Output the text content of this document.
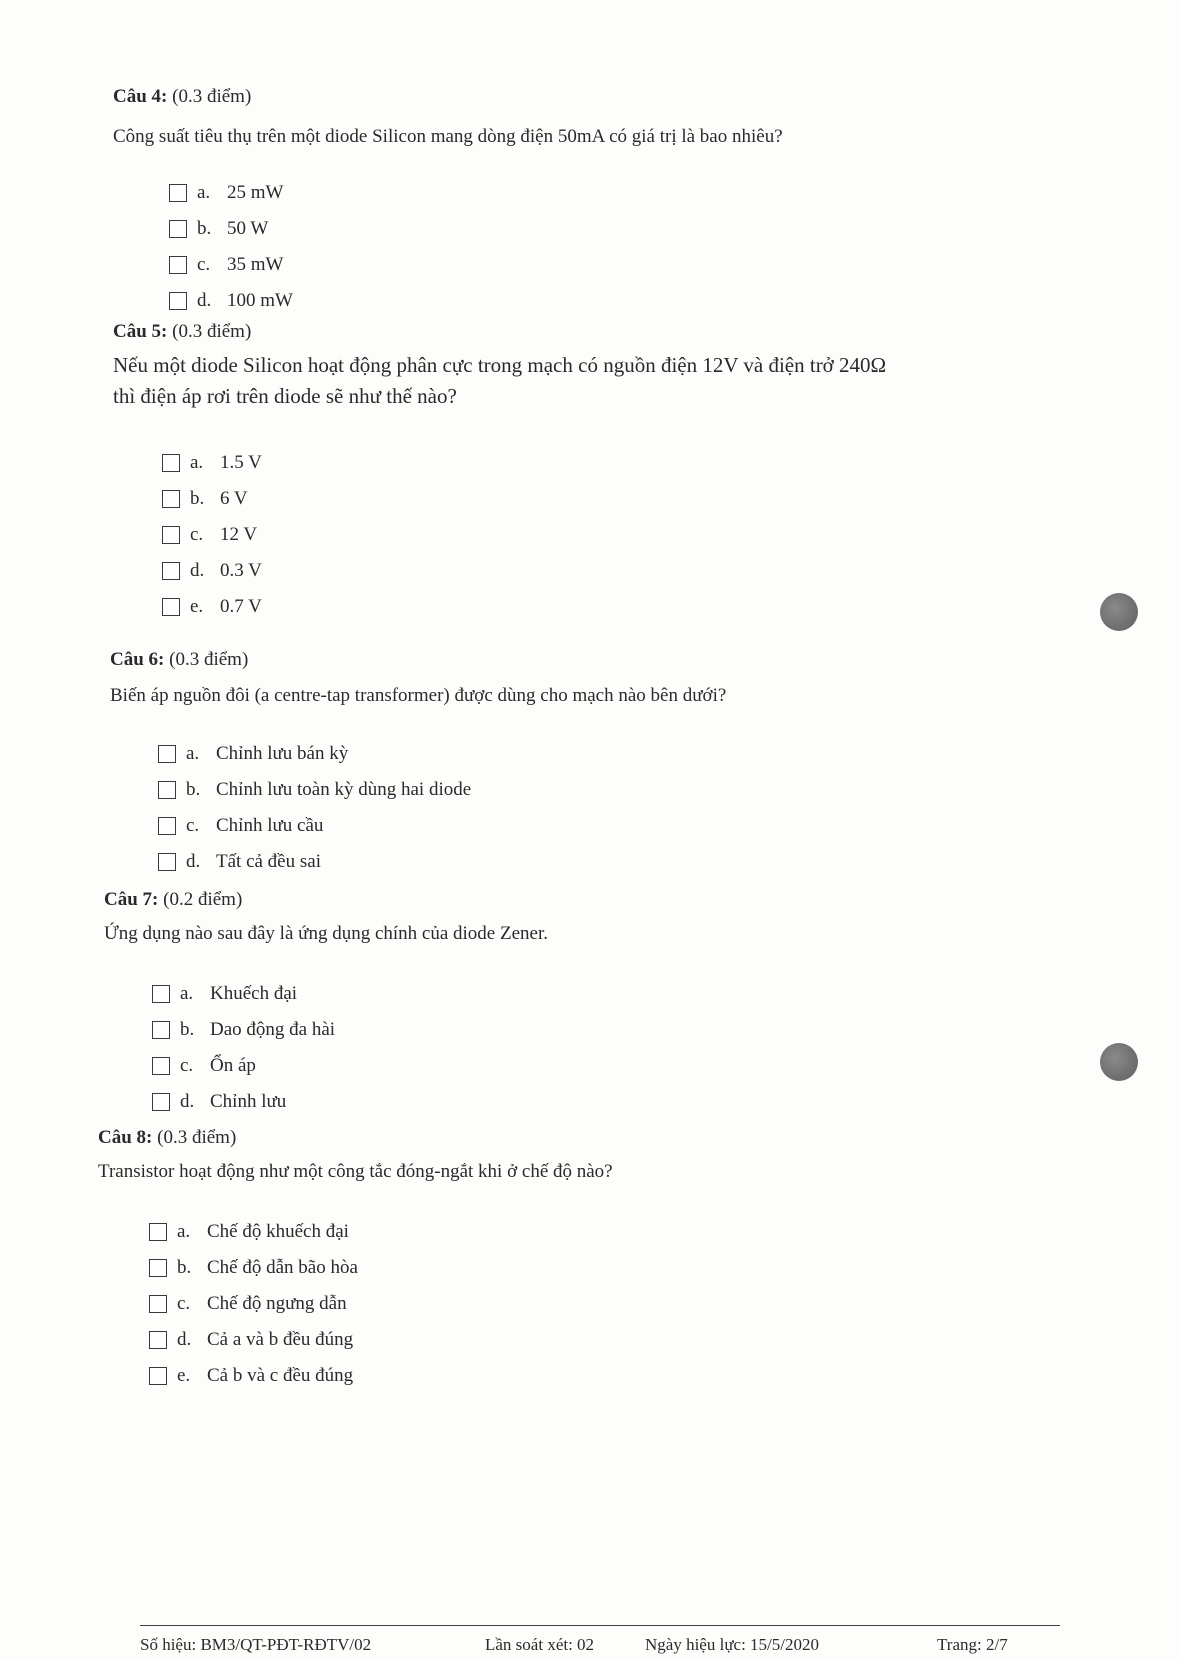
Câu 4: (0.3 điểm)
Công suất tiêu thụ trên một diode Silicon mang dòng điện 50mA có giá trị là bao nhiêu?
a. 25 mW
b. 50 W
c. 35 mW
d. 100 mW
Câu 5: (0.3 điểm)
Nếu một diode Silicon hoạt động phân cực trong mạch có nguồn điện 12V và điện trở 240Ω
thì điện áp rơi trên diode sẽ như thế nào?
a. 1.5 V
b. 6 V
c. 12 V
d. 0.3 V
e. 0.7 V
Câu 6: (0.3 điểm)
Biến áp nguồn đôi (a centre-tap transformer) được dùng cho mạch nào bên dưới?
a. Chỉnh lưu bán kỳ
b. Chỉnh lưu toàn kỳ dùng hai diode
c. Chỉnh lưu cầu
d. Tất cả đều sai
Câu 7: (0.2 điểm)
Ứng dụng nào sau đây là ứng dụng chính của diode Zener.
a. Khuếch đại
b. Dao động đa hài
c. Ổn áp
d. Chỉnh lưu
Câu 8: (0.3 điểm)
Transistor hoạt động như một công tắc đóng-ngắt khi ở chế độ nào?
a. Chế độ khuếch đại
b. Chế độ dẫn bão hòa
c. Chế độ ngưng dẫn
d. Cả a và b đều đúng
e. Cả b và c đều đúng
Số hiệu: BM3/QT-PĐT-RĐTV/02	Lần soát xét: 02	Ngày hiệu lực: 15/5/2020	Trang: 2/7
